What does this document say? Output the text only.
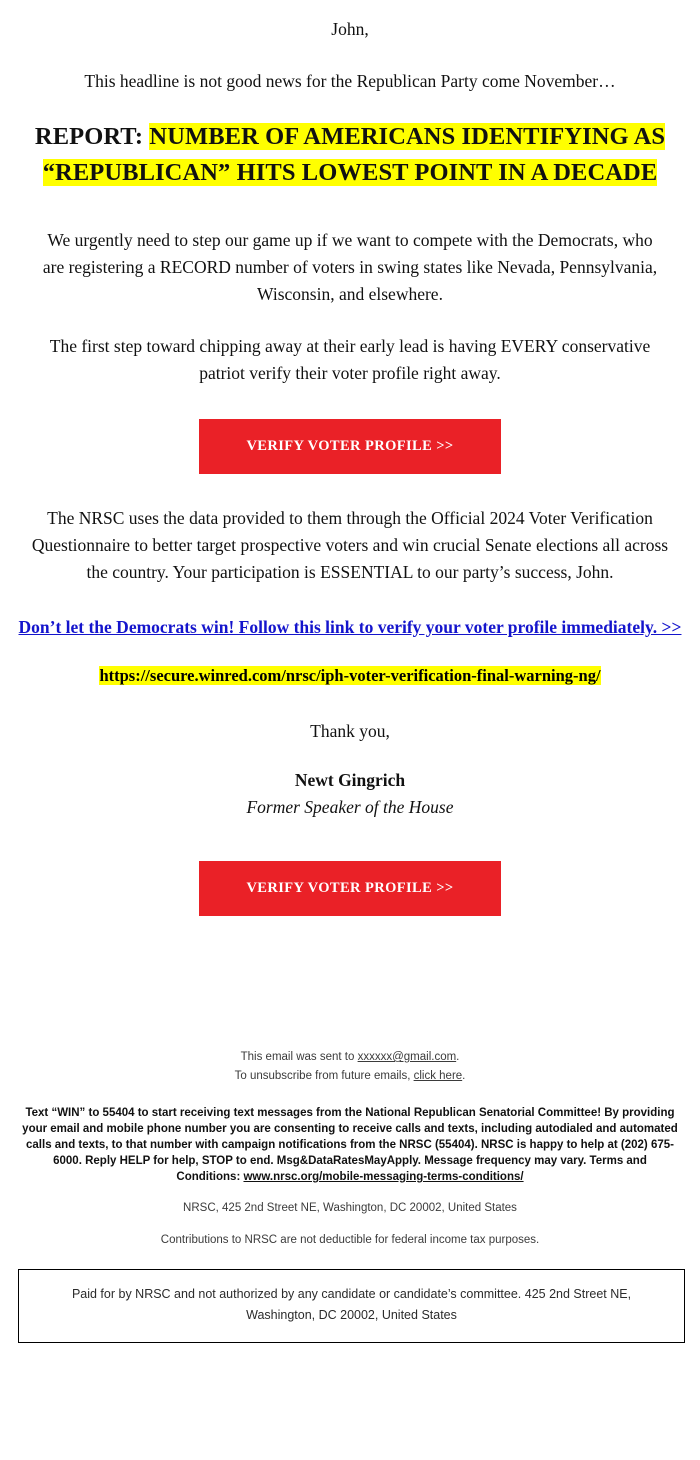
John,

This headline is not good news for the Republican Party come November…

REPORT: NUMBER OF AMERICANS IDENTIFYING AS “REPUBLICAN” HITS LOWEST POINT IN A DECADE

We urgently need to step our game up if we want to compete with the Democrats, who are registering a RECORD number of voters in swing states like Nevada, Pennsylvania, Wisconsin, and elsewhere.

The first step toward chipping away at their early lead is having EVERY conservative patriot verify their voter profile right away.

VERIFY VOTER PROFILE >>

The NRSC uses the data provided to them through the Official 2024 Voter Verification Questionnaire to better target prospective voters and win crucial Senate elections all across the country. Your participation is ESSENTIAL to our party’s success, John.

Don’t let the Democrats win! Follow this link to verify your voter profile immediately. >>
https://secure.winred.com/nrsc/iph-voter-verification-final-warning-ng/

Thank you,

Newt Gingrich

Former Speaker of the House

VERIFY VOTER PROFILE >>

This email was sent to xxxxxx@gmail.com.

To unsubscribe from future emails, click here.

Text “WIN” to 55404 to start receiving text messages from the National Republican Senatorial Committee! By providing your email and mobile phone number you are consenting to receive calls and texts, including autodialed and automated calls and texts, to that number with campaign notifications from the NRSC (55404). NRSC is happy to help at (202) 675-6000. Reply HELP for help, STOP to end. Msg&DataRatesMayApply. Message frequency may vary. Terms and Conditions: www.nrsc.org/mobile-messaging-terms-conditions/

NRSC, 425 2nd Street NE, Washington, DC 20002, United States

Contributions to NRSC are not deductible for federal income tax purposes.

Paid for by NRSC and not authorized by any candidate or candidate’s committee. 425 2nd Street NE, Washington, DC 20002, United States
